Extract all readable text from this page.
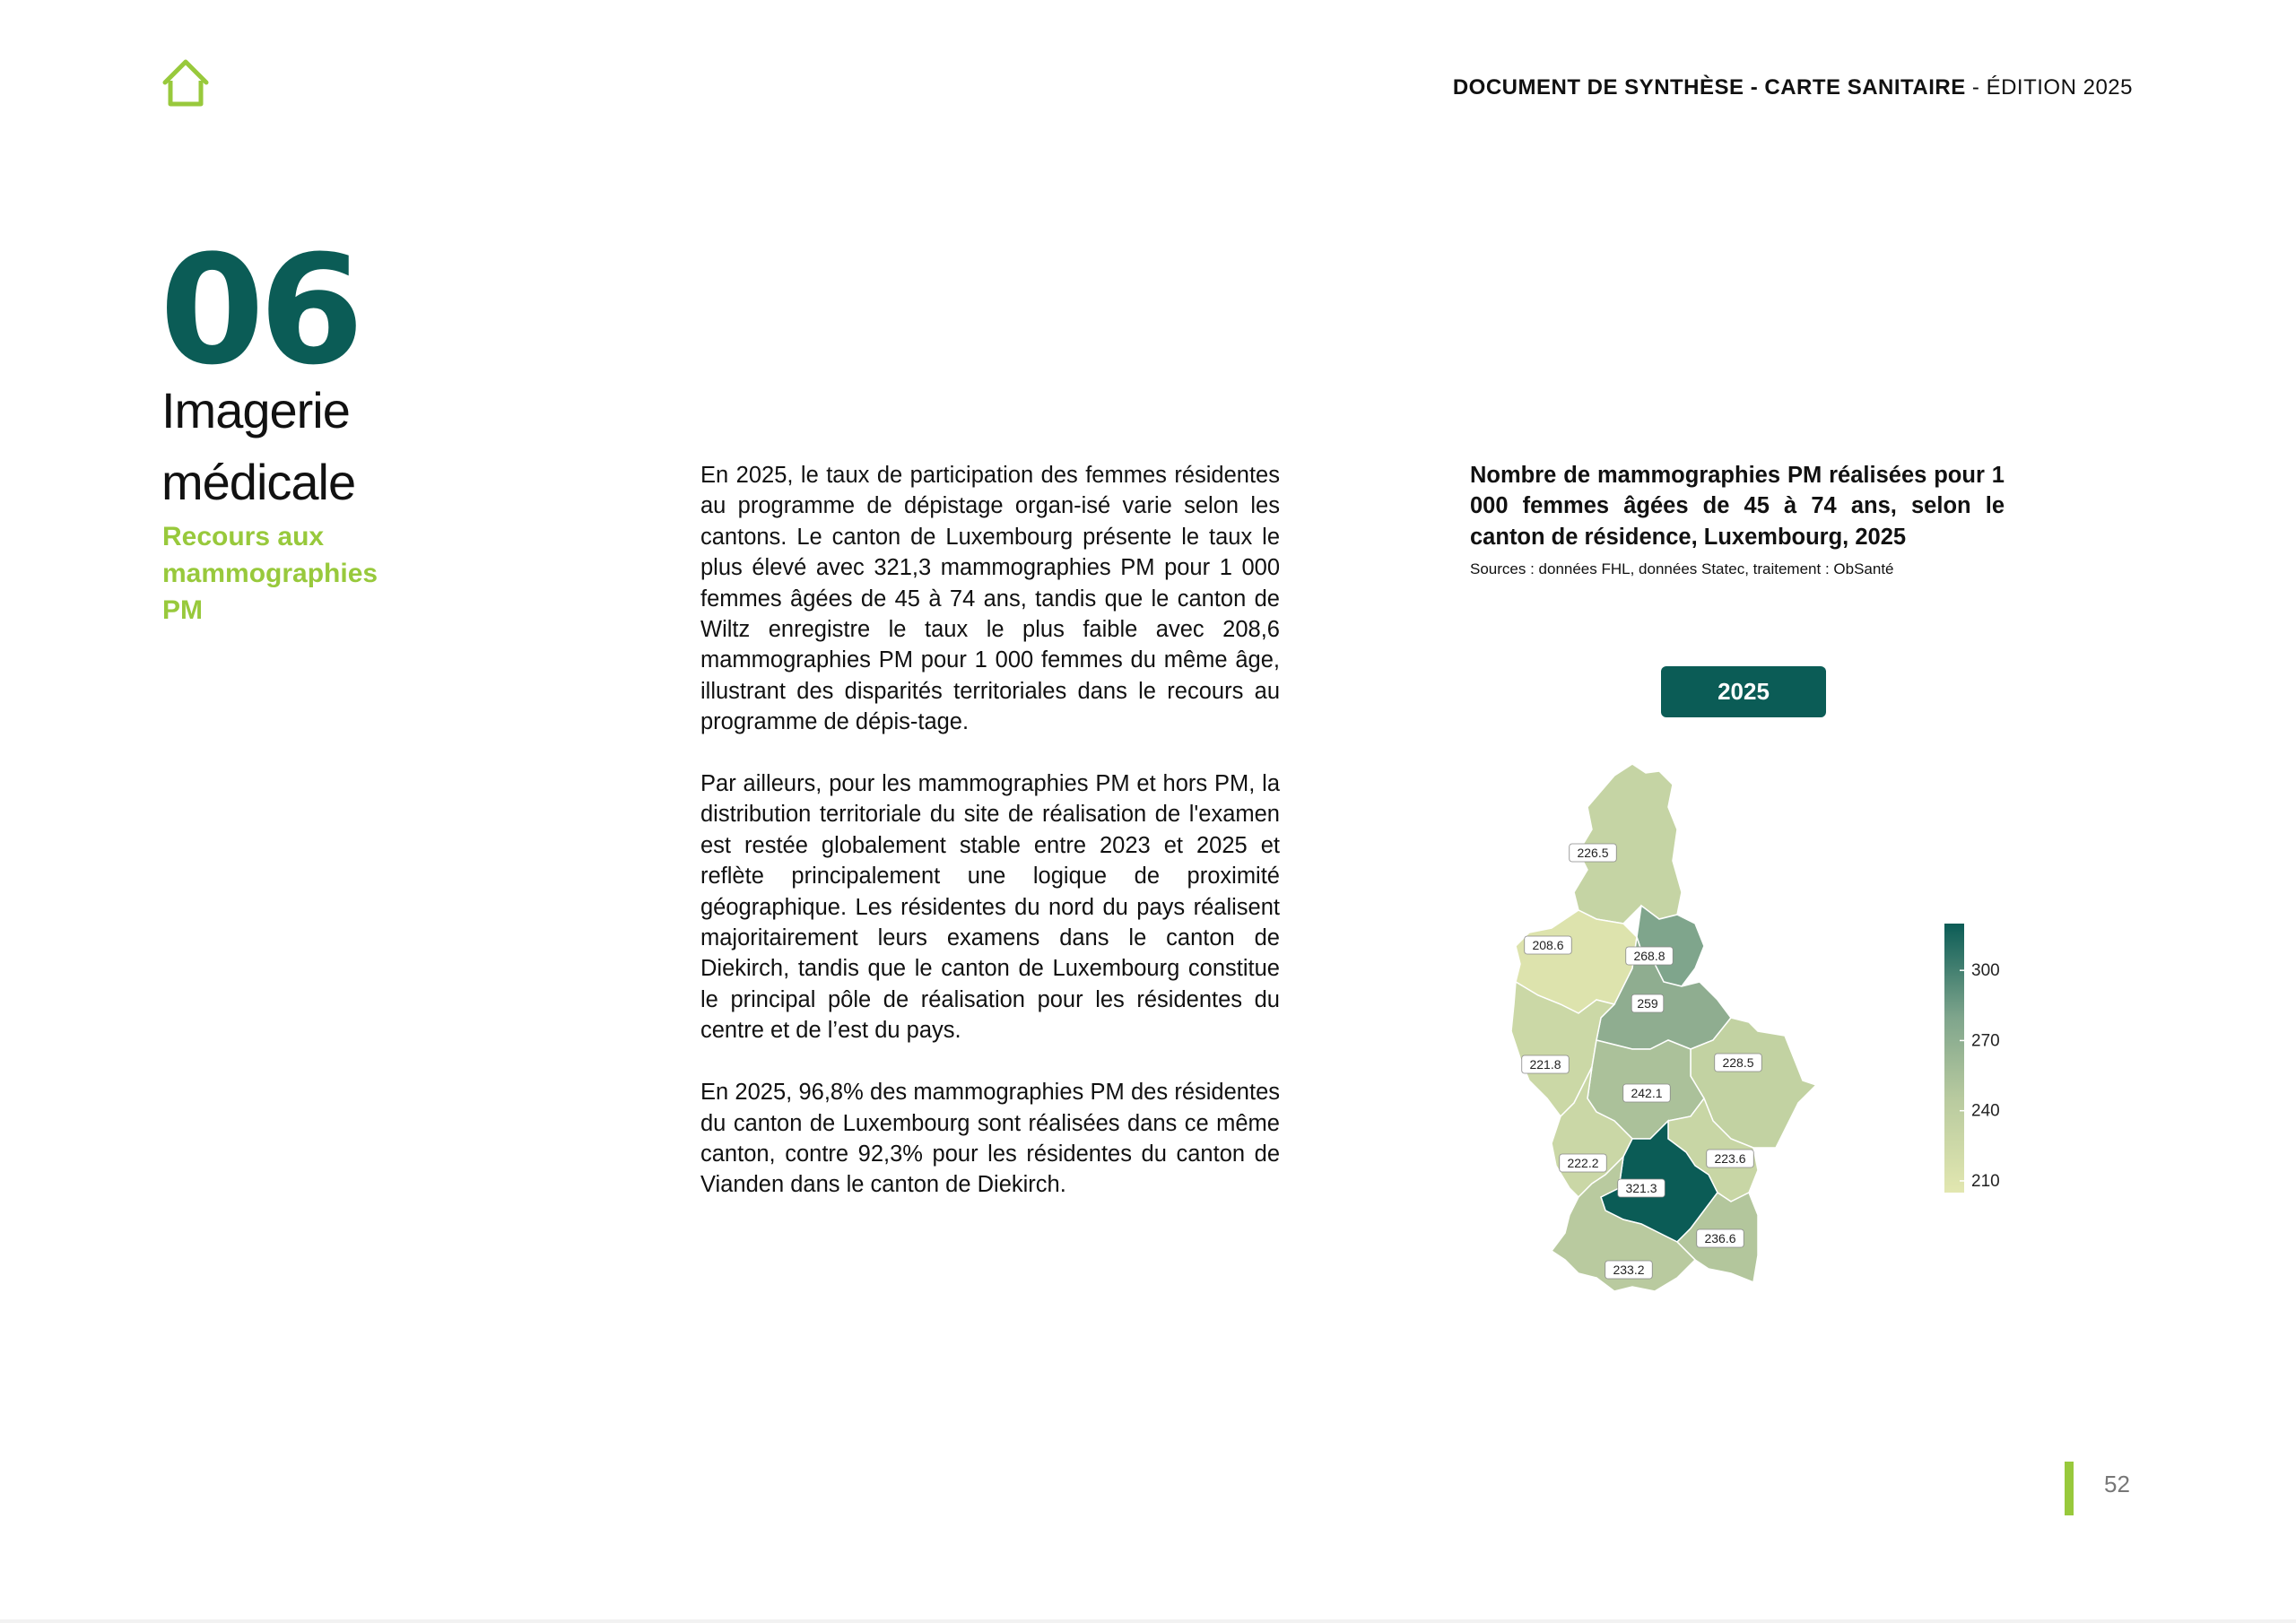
DOCUMENT DE SYNTHÈSE - CARTE SANITAIRE - ÉDITION 2025
06
Imagerie médicale
Recours aux mammographies PM

En 2025, le taux de participation des femmes résidentes au programme de dépistage organ-isé varie selon les cantons. Le canton de Luxembourg présente le taux le plus élevé avec 321,3 mammographies PM pour 1 000 femmes âgées de 45 à 74 ans, tandis que le canton de Wiltz enregistre le taux le plus faible avec 208,6 mammographies PM pour 1 000 femmes du même âge, illustrant des disparités territoriales dans le recours au programme de dépis-tage.

Par ailleurs, pour les mammographies PM et hors PM, la distribution territoriale du site de réalisation de l'examen est restée globalement stable entre 2023 et 2025 et reflète principalement une logique de proximité géographique. Les résidentes du nord du pays réalisent majoritairement leurs examens dans le canton de Diekirch, tandis que le canton de Luxembourg constitue le principal pôle de réalisation pour les résidentes du centre et de l’est du pays.

En 2025, 96,8% des mammographies PM des résidentes du canton de Luxembourg sont réalisées dans ce même canton, contre 92,3% pour les résidentes du canton de Vianden dans le canton de Diekirch.

Nombre de mammographies PM réalisées pour 1 000 femmes âgées de 45 à 74 ans, selon le canton de résidence, Luxembourg, 2025
Sources : données FHL, données Statec, traitement : ObSanté
2025
226.5
208.6
268.8
259
221.8	228.5
242.1
223.6
222.2
321.3
236.6
233.2
300
270
240
210
52
